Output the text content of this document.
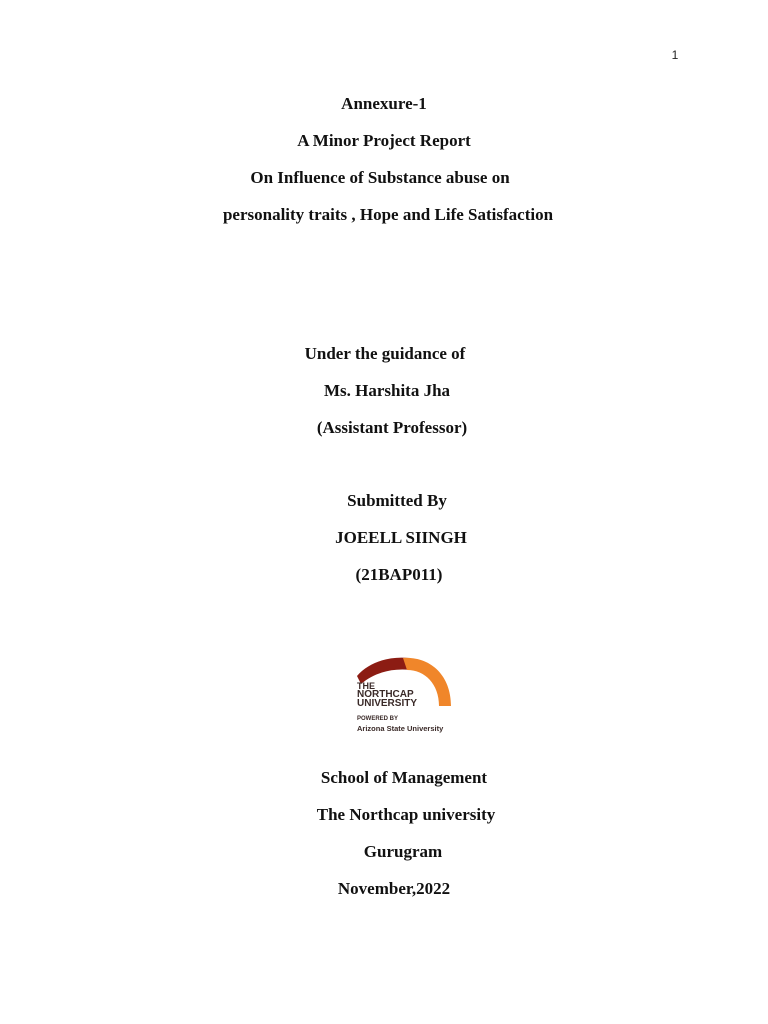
1
Annexure-1
A Minor Project Report
On Influence of Substance abuse on
personality traits , Hope and Life Satisfaction
Under the guidance of
Ms. Harshita Jha
(Assistant Professor)
Submitted By
JOEELL SIINGH
(21BAP011)
THE
NORTHCAP
UNIVERSITY
POWERED BY
Arizona State University
School of Management
The Northcap university
Gurugram
November,2022
